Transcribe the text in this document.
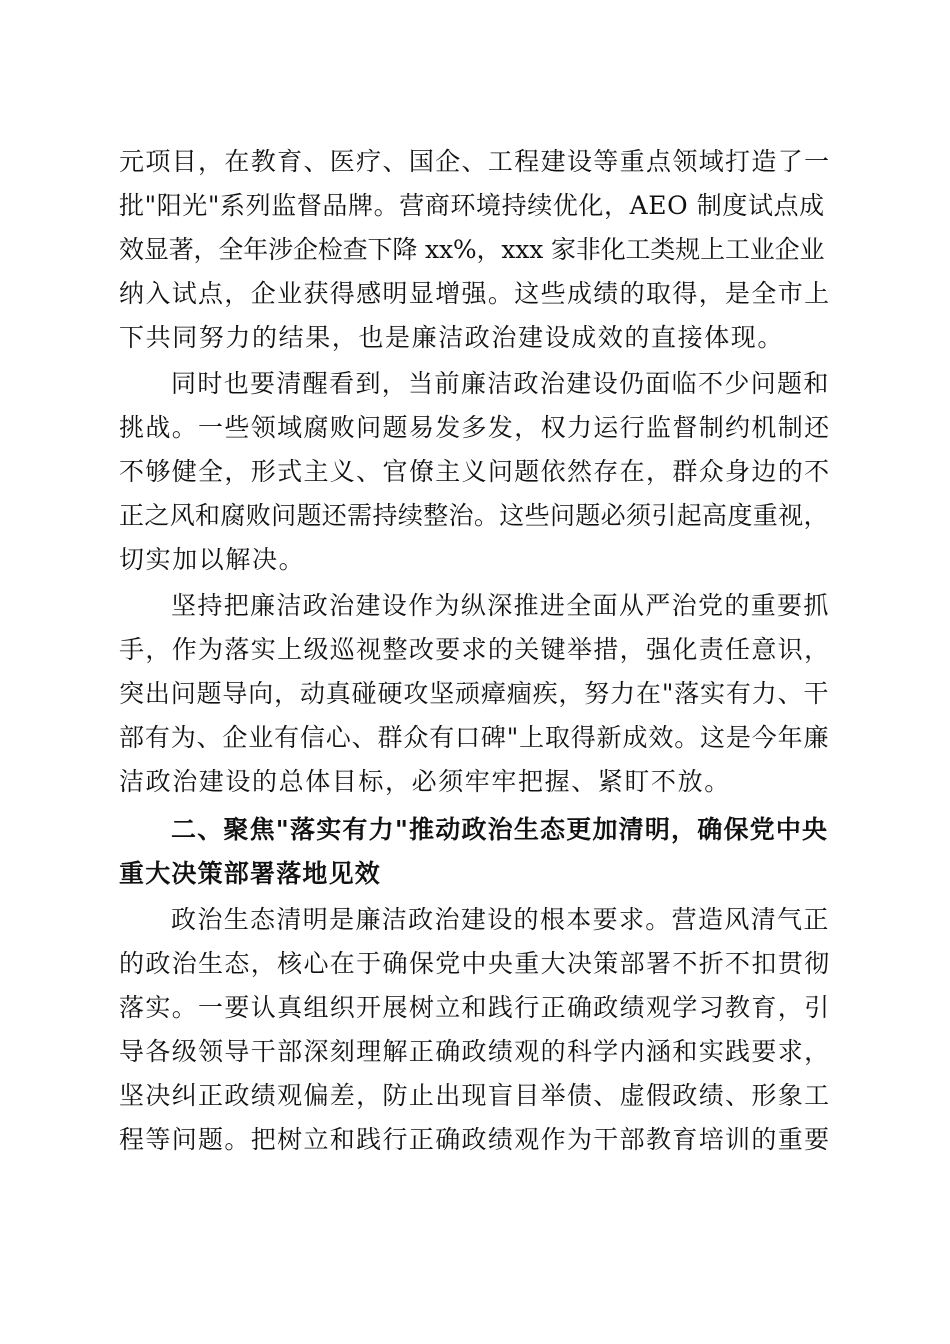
元项目，在教育、医疗、国企、工程建设等重点领域打造了一
批"阳光"系列监督品牌。营商环境持续优化，AEO 制度试点成
效显著，全年涉企检查下降 xx%，xxx 家非化工类规上工业企业
纳入试点，企业获得感明显增强。这些成绩的取得，是全市上
下共同努力的结果，也是廉洁政治建设成效的直接体现。
同时也要清醒看到，当前廉洁政治建设仍面临不少问题和
挑战。一些领域腐败问题易发多发，权力运行监督制约机制还
不够健全，形式主义、官僚主义问题依然存在，群众身边的不
正之风和腐败问题还需持续整治。这些问题必须引起高度重视，
切实加以解决。
坚持把廉洁政治建设作为纵深推进全面从严治党的重要抓
手，作为落实上级巡视整改要求的关键举措，强化责任意识，
突出问题导向，动真碰硬攻坚顽瘴痼疾，努力在"落实有力、干
部有为、企业有信心、群众有口碑"上取得新成效。这是今年廉
洁政治建设的总体目标，必须牢牢把握、紧盯不放。
二、聚焦"落实有力"推动政治生态更加清明，确保党中央
重大决策部署落地见效
政治生态清明是廉洁政治建设的根本要求。营造风清气正
的政治生态，核心在于确保党中央重大决策部署不折不扣贯彻
落实。一要认真组织开展树立和践行正确政绩观学习教育，引
导各级领导干部深刻理解正确政绩观的科学内涵和实践要求，
坚决纠正政绩观偏差，防止出现盲目举债、虚假政绩、形象工
程等问题。把树立和践行正确政绩观作为干部教育培训的重要
